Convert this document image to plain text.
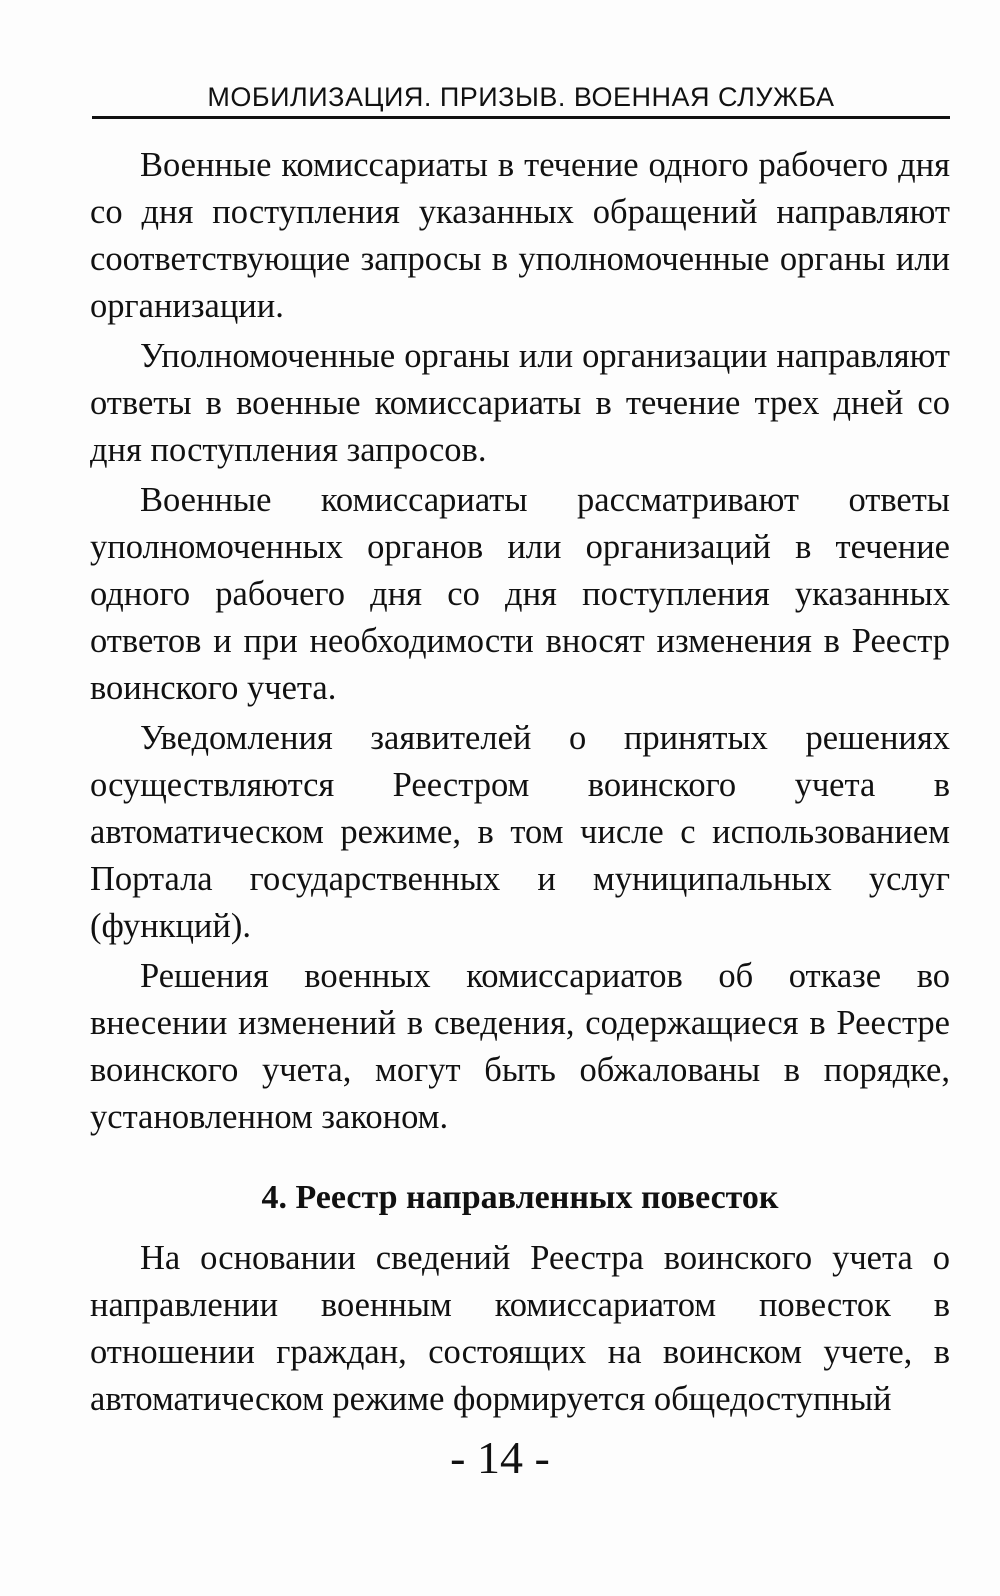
МОБИЛИЗАЦИЯ. ПРИЗЫВ. ВОЕННАЯ СЛУЖБА

Военные комиссариаты в течение одного рабочего дня со дня поступления указанных обращений направляют соответствующие запросы в уполномоченные органы или организации.

Уполномоченные органы или организации направляют ответы в военные комиссариаты в течение трех дней со дня поступления запросов.

Военные комиссариаты рассматривают ответы уполномоченных органов или организаций в течение одного рабочего дня со дня поступления указанных ответов и при необходимости вносят изменения в Реестр воинского учета.

Уведомления заявителей о принятых решениях осуществляются Реестром воинского учета в автоматическом режиме, в том числе с использованием Портала государственных и муниципальных услуг (функций).

Решения военных комиссариатов об отказе во внесении изменений в сведения, содержащиеся в Реестре воинского учета, могут быть обжалованы в порядке, установленном законом.

4. Реестр направленных повесток

На основании сведений Реестра воинского учета о направлении военным комиссариатом повесток в отношении граждан, состоящих на воинском учете, в автоматическом режиме формируется общедоступный

- 14 -
